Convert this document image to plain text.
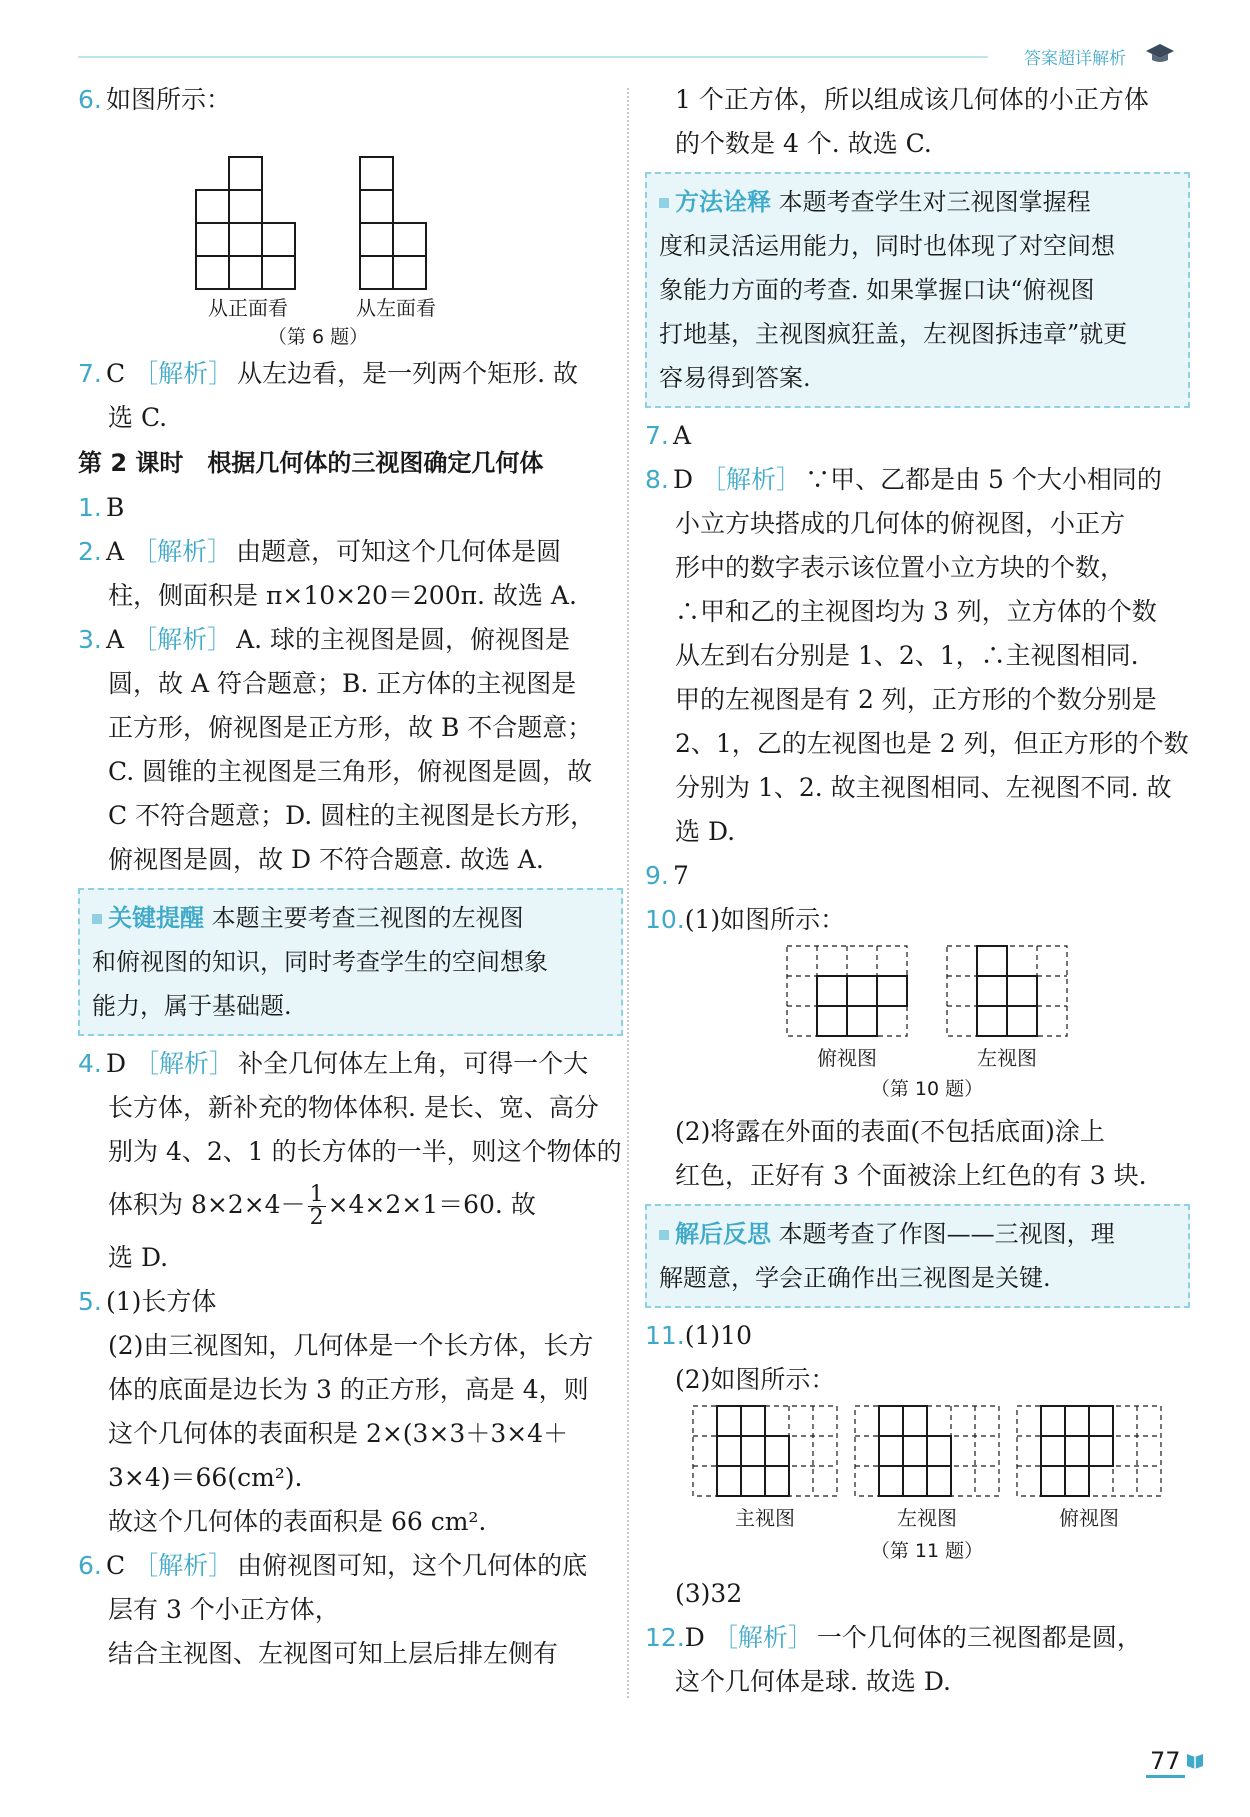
答案超详解析
6. 如图所示：
从正面看	从左面看
（第 6 题）
7. C ［解析］ 从左边看，是一列两个矩形. 故
选 C.
第 2 课时　根据几何体的三视图确定几何体
1. B
2. A ［解析］ 由题意，可知这个几何体是圆
柱，侧面积是 π×10×20＝200π. 故选 A.
3. A ［解析］ A. 球的主视图是圆，俯视图是
圆，故 A 符合题意；B. 正方体的主视图是
正方形，俯视图是正方形，故 B 不合题意；
C. 圆锥的主视图是三角形，俯视图是圆，故
C 不符合题意；D. 圆柱的主视图是长方形，
俯视图是圆，故 D 不符合题意. 故选 A.
关键提醒 本题主要考查三视图的左视图
和俯视图的知识，同时考查学生的空间想象
能力，属于基础题.
4. D ［解析］ 补全几何体左上角，可得一个大
长方体，新补充的物体体积. 是长、宽、高分
别为 4、2、1 的长方体的一半，则这个物体的
体积为 $8\times 2\times 4- \frac{1}{2} \times 4\times 2\times 1=60$. 故
选 D.
5. (1)长方体
(2)由三视图知，几何体是一个长方体，长方
体的底面是边长为 3 的正方形，高是 4，则
这个几何体的表面积是 2×(3×3＋3×4＋
3×4)＝66(cm²).
故这个几何体的表面积是 66 cm².
6. C ［解析］ 由俯视图可知，这个几何体的底
层有 3 个小正方体，
结合主视图、左视图可知上层后排左侧有
1 个正方体，所以组成该几何体的小正方体
的个数是 4 个. 故选 C.
方法诠释 本题考查学生对三视图掌握程
度和灵活运用能力，同时也体现了对空间想
象能力方面的考查. 如果掌握口诀“俯视图
打地基，主视图疯狂盖，左视图拆违章”就更
容易得到答案.
7. A
8. D ［解析］ ∵甲、乙都是由 5 个大小相同的
小立方块搭成的几何体的俯视图，小正方
形中的数字表示该位置小立方块的个数，
∴甲和乙的主视图均为 3 列，立方体的个数
从左到右分别是 1、2、1，∴主视图相同.
甲的左视图是有 2 列，正方形的个数分别是
2、1，乙的左视图也是 2 列，但正方形的个数
分别为 1、2. 故主视图相同、左视图不同. 故
选 D.
9. 7
10.(1)如图所示：
俯视图	左视图
（第 10 题）
(2)将露在外面的表面(不包括底面)涂上
红色，正好有 3 个面被涂上红色的有 3 块.
解后反思 本题考查了作图——三视图，理
解题意，学会正确作出三视图是关键.
11.(1)10
(2)如图所示：
主视图	左视图	俯视图
（第 11 题）
(3)32
12.D ［解析］ 一个几何体的三视图都是圆，
这个几何体是球. 故选 D.
77
